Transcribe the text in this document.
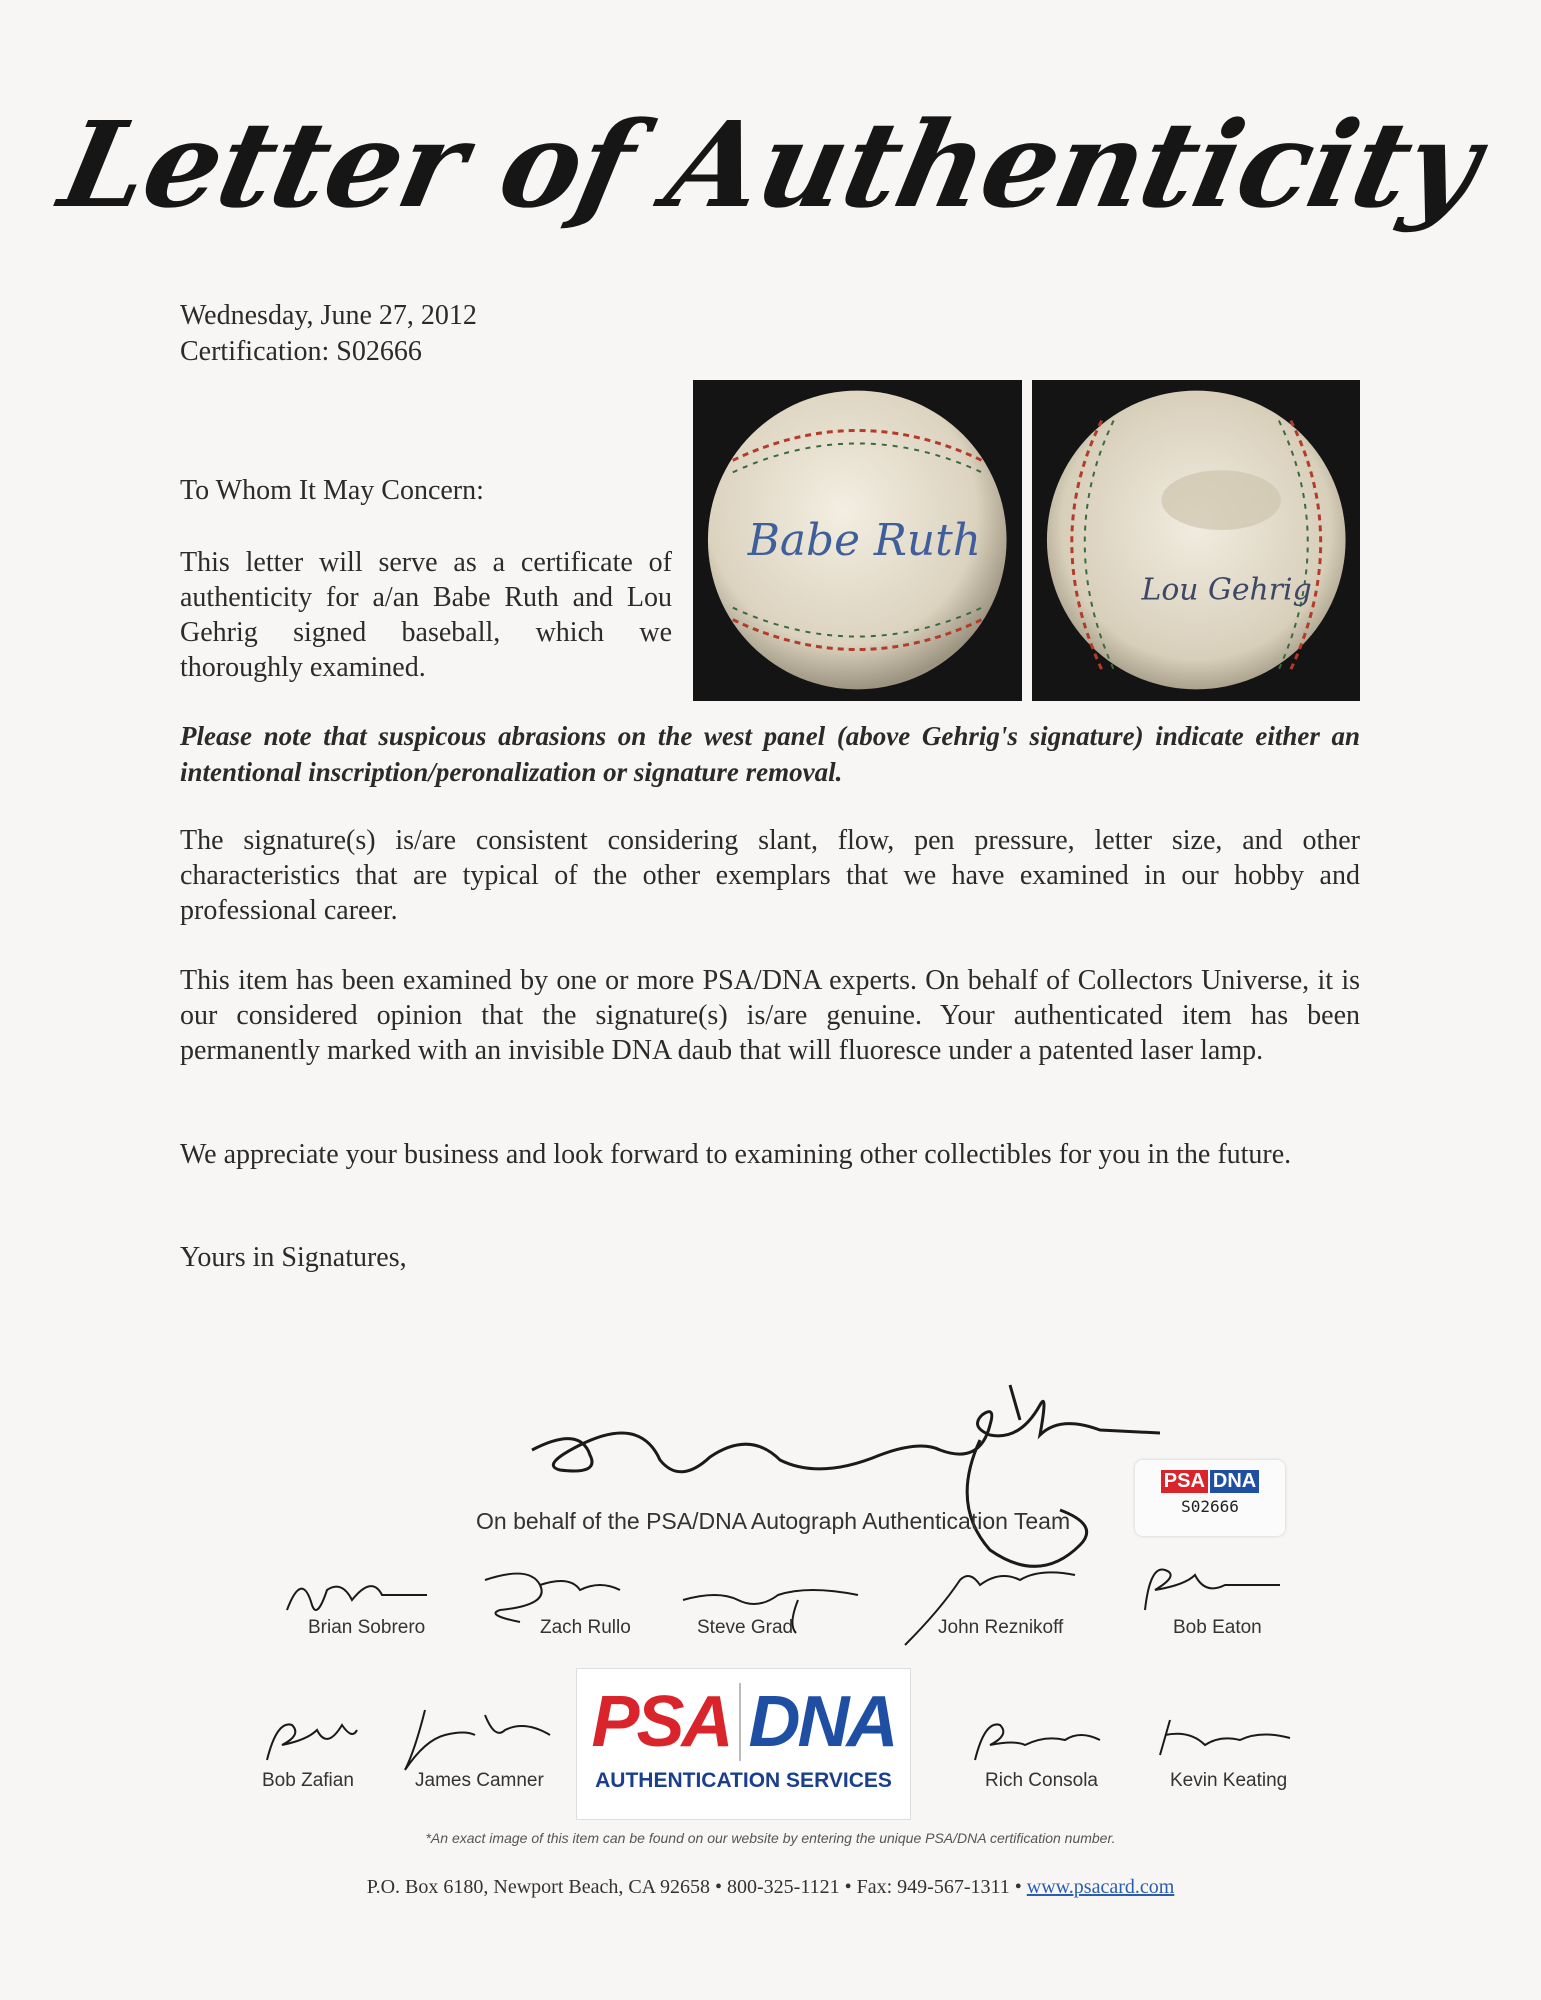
Letter of Authenticity
Wednesday, June 27, 2012
Certification: S02666
Babe Ruth
Lou Gehrig
To Whom It May Concern:
This letter will serve as a certificate of authenticity for a/an Babe Ruth and Lou Gehrig signed baseball, which we thoroughly examined.
Please note that suspicous abrasions on the west panel (above Gehrig's signature) indicate either an intentional inscription/peronalization or signature removal.
The signature(s) is/are consistent considering slant, flow, pen pressure, letter size, and other characteristics that are typical of the other exemplars that we have examined in our hobby and professional career.
This item has been examined by one or more PSA/DNA experts. On behalf of Collectors Universe, it is our considered opinion that the signature(s) is/are genuine. Your authenticated item has been permanently marked with an invisible DNA daub that will fluoresce under a patented laser lamp.
We appreciate your business and look forward to examining other collectibles for you in the future.
Yours in Signatures,
On behalf of the PSA/DNA Autograph Authentication Team
PSA DNA
S02666
Brian Sobrero	Zach Rullo	Steve Grad	John Reznikoff	Bob Eaton
Bob Zafian	James Camner
PSA DNA
AUTHENTICATION SERVICES	Rich Consola	Kevin Keating
*An exact image of this item can be found on our website by entering the unique PSA/DNA certification number.
P.O. Box 6180, Newport Beach, CA 92658 • 800-325-1121 • Fax: 949-567-1311 • www.psacard.com
